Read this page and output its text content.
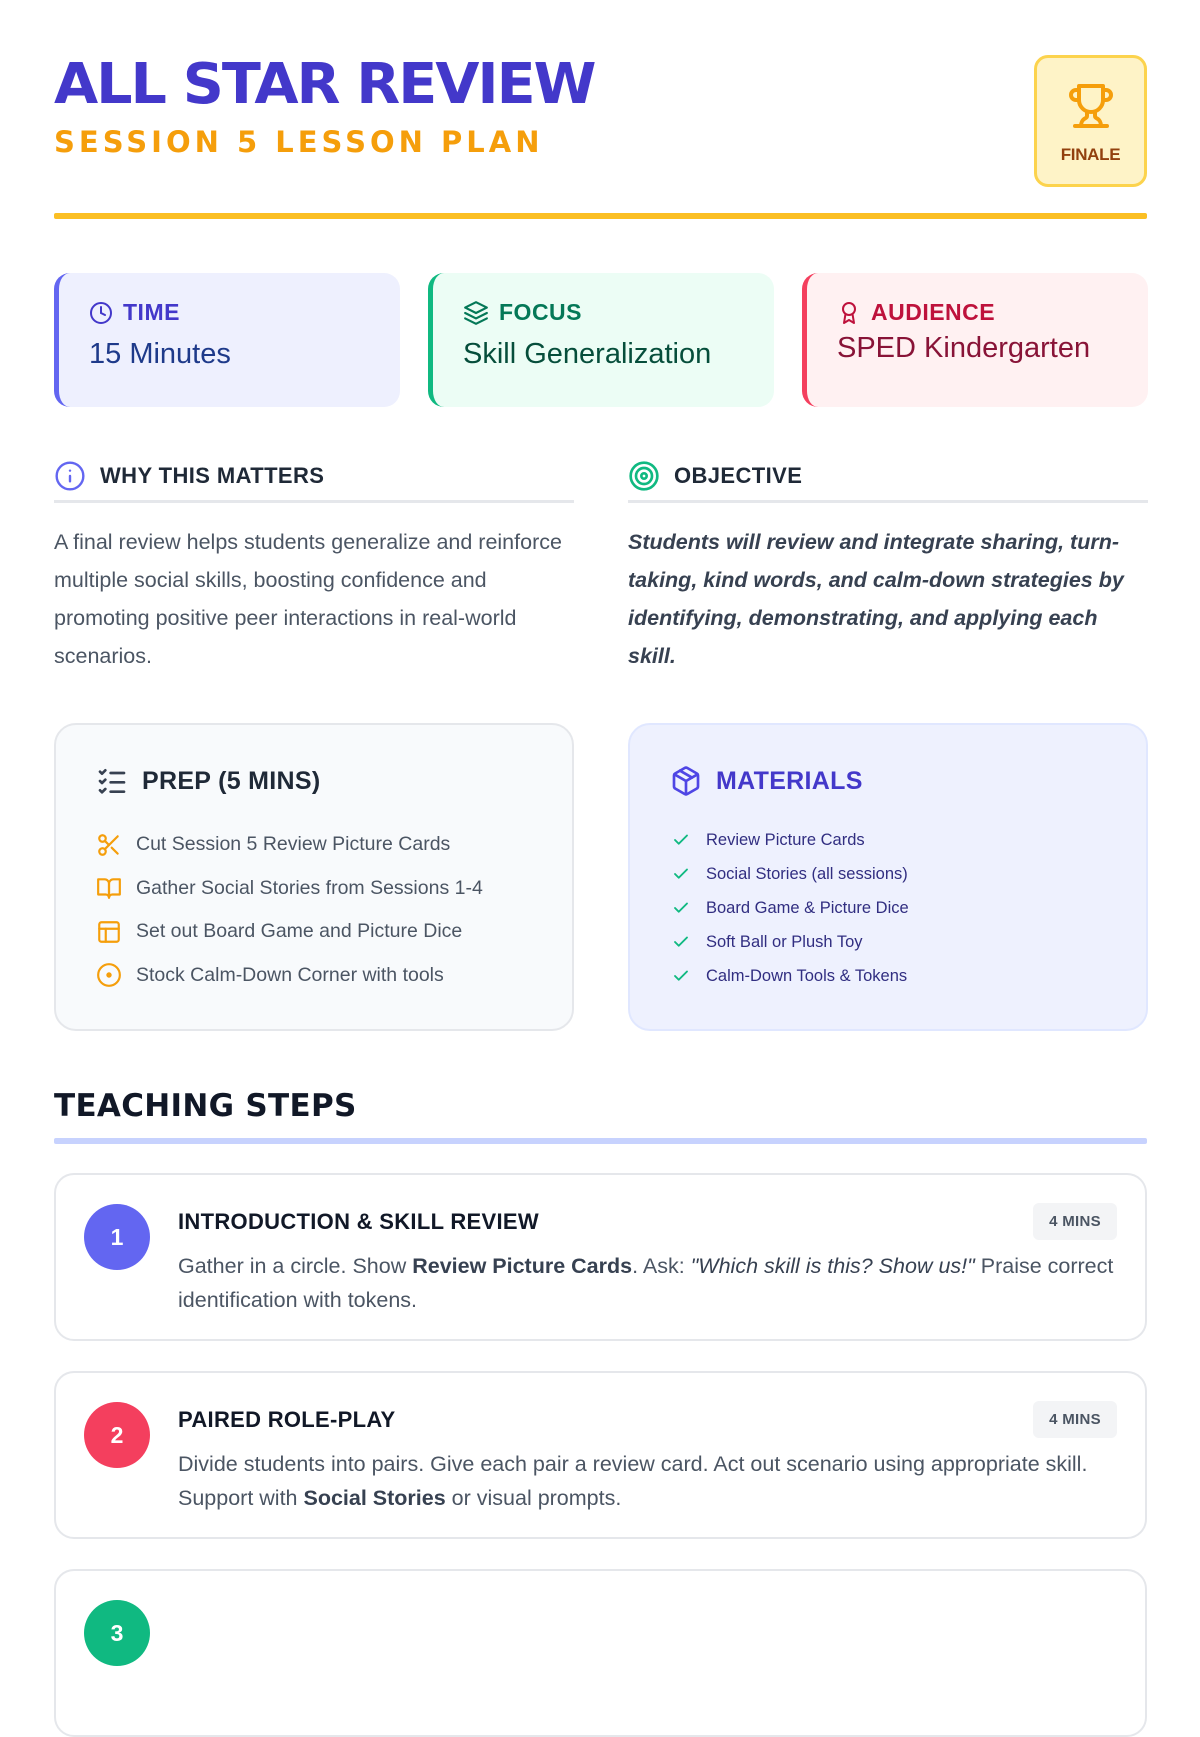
ALL STAR REVIEW
SESSION 5 LESSON PLAN	FINALE
TIME
15 Minutes
FOCUS
Skill Generalization
AUDIENCE
SPED Kindergarten
WHY THIS MATTERS

A final review helps students generalize and reinforce multiple social skills, boosting confidence and promoting positive peer interactions in real-world scenarios.

OBJECTIVE

Students will review and integrate sharing, turn-taking, kind words, and calm-down strategies by identifying, demonstrating, and applying each skill.

PREP (5 MINS)
Cut Session 5 Review Picture Cards
Gather Social Stories from Sessions 1-4
Set out Board Game and Picture Dice
Stock Calm-Down Corner with tools
MATERIALS
Review Picture Cards
Social Stories (all sessions)
Board Game & Picture Dice
Soft Ball or Plush Toy
Calm-Down Tools & Tokens
TEACHING STEPS
1
INTRODUCTION & SKILL REVIEW	4 MINS
Gather in a circle. Show Review Picture Cards. Ask: "Which skill is this? Show us!" Praise correct identification with tokens.
2
PAIRED ROLE-PLAY	4 MINS
Divide students into pairs. Give each pair a review card. Act out scenario using appropriate skill. Support with Social Stories or visual prompts.
3
